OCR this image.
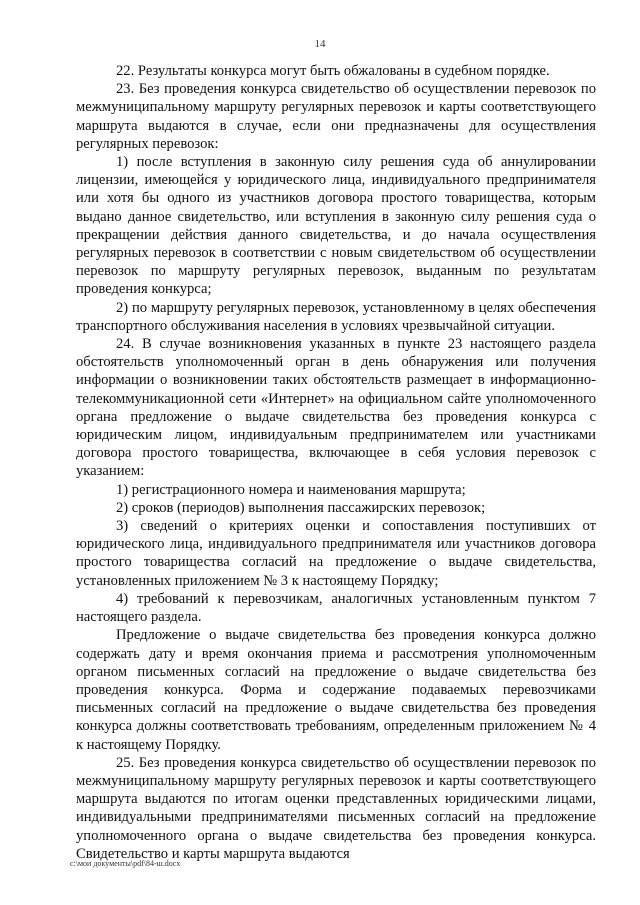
14

22. Результаты конкурса могут быть обжалованы в судебном порядке.

23. Без проведения конкурса свидетельство об осуществлении перевозок по межмуниципальному маршруту регулярных перевозок и карты соответствующего маршрута выдаются в случае, если они предназначены для осуществления регулярных перевозок:

1) после вступления в законную силу решения суда об аннулировании лицензии, имеющейся у юридического лица, индивидуального предпринимателя или хотя бы одного из участников договора простого товарищества, которым выдано данное свидетельство, или вступления в законную силу решения суда о прекращении действия данного свидетельства, и до начала осуществления регулярных перевозок в соответствии с новым свидетельством об осуществлении перевозок по маршруту регулярных перевозок, выданным по результатам проведения конкурса;

2) по маршруту регулярных перевозок, установленному в целях обеспечения транспортного обслуживания населения в условиях чрезвычайной ситуации.

24. В случае возникновения указанных в пункте 23 настоящего раздела обстоятельств уполномоченный орган в день обнаружения или получения информации о возникновении таких обстоятельств размещает в информационно-телекоммуникационной сети «Интернет» на официальном сайте уполномоченного органа предложение о выдаче свидетельства без проведения конкурса с юридическим лицом, индивидуальным предпринимателем или участниками договора простого товарищества, включающее в себя условия перевозок с указанием:

1) регистрационного номера и наименования маршрута;

2) сроков (периодов) выполнения пассажирских перевозок;

3) сведений о критериях оценки и сопоставления поступивших от юридического лица, индивидуального предпринимателя или участников договора простого товарищества согласий на предложение о выдаче свидетельства, установленных приложением № 3 к настоящему Порядку;

4) требований к перевозчикам, аналогичных установленным пунктом 7 настоящего раздела.

Предложение о выдаче свидетельства без проведения конкурса должно содержать дату и время окончания приема и рассмотрения уполномоченным органом письменных согласий на предложение о выдаче свидетельства без проведения конкурса. Форма и содержание подаваемых перевозчиками письменных согласий на предложение о выдаче свидетельства без проведения конкурса должны соответствовать требованиям, определенным приложением № 4 к настоящему Порядку.

25. Без проведения конкурса свидетельство об осуществлении перевозок по межмуниципальному маршруту регулярных перевозок и карты соответствующего маршрута выдаются по итогам оценки представленных юридическими лицами, индивидуальными предпринимателями письменных согласий на предложение уполномоченного органа о выдаче свидетельства без проведения конкурса. Свидетельство и карты маршрута выдаются

c:\мои документы\pdf\84-ш.docx
